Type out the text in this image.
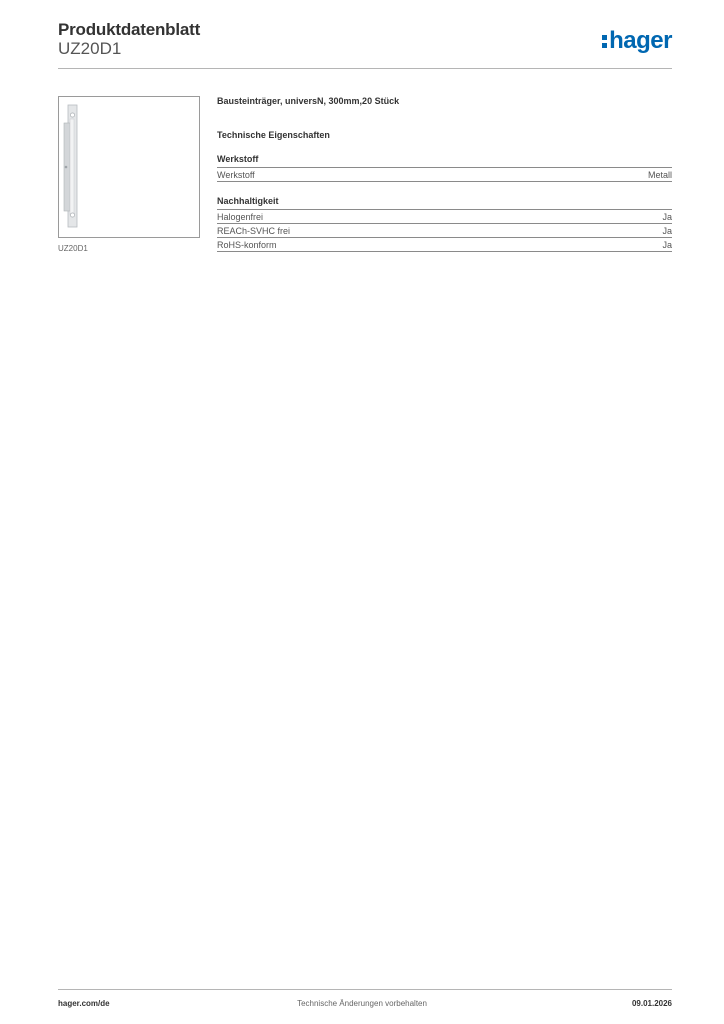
Produktdatenblatt
UZ20D1	hager
UZ20D1
Bausteinträger, universN, 300mm,20 Stück
Technische Eigenschaften
Werkstoff
Werkstoff	Metall
Nachhaltigkeit
Halogenfrei	Ja
REACh-SVHC frei	Ja
RoHS-konform	Ja
hager.com/de	Technische Änderungen vorbehalten	09.01.2026
